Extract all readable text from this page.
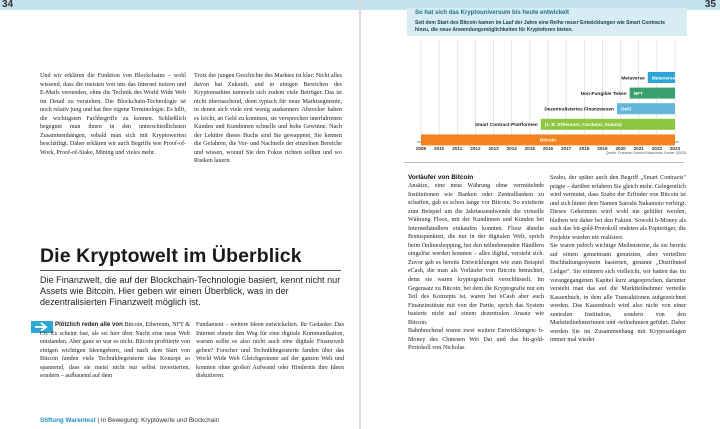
34
Und wir erklären die Funktion von Blockchains – wohl wissend, dass die meisten von uns das Internet nutzen und E-Mails versenden, ohne die Technik des World Wide Web im Detail zu verstehen. Die Blockchain-Technologie ist noch relativ jung und hat ihre eigene Terminologie. Es hilft, die wichtigsten Fachbegriffe zu kennen. Schließlich begegnet man ihnen in den unterschiedlichsten Zusammenhängen, sobald man sich mit Kryptowerten beschäftigt. Daher erklären wir auch Begriffe wie Proof-of-Work, Proof-of-Stake, Mining und vieles mehr.
Trotz der jungen Geschichte des Marktes ist klar: Nicht alles davon hat Zukunft, und in einigen Bereichen des Kryptomarktes tummeln sich zudem viele Betrüger. Das ist nicht überraschend, denn typisch für neue Marktsegmente, in denen sich viele erst wenig auskennen: Abzocker haben es leicht, an Geld zu kommen, sie versprechen unerfahrenen Kunden und Kundinnen schnelle und hohe Gewinne. Nach der Lektüre dieses Buchs sind Sie gewappnet, Sie kennen die Gefahren, die Vor- und Nachteile der einzelnen Bereiche und wissen, worauf Sie den Fokus richten sollten und wo Risiken lauern.
Die Kryptowelt im Überblick
Die Finanzwelt, die auf der Blockchain-Technologie basiert, kennt nicht nur Assets wie Bitcoin. Hier geben wir einen Überblick, was in der dezentralisierten Finanzwelt möglich ist.
Plötzlich reden alle von Bitcoin, Ethereum, NFT & Co. Es scheint fast, als sei hier über Nacht eine neue Welt entstanden. Aber ganz so war es nicht. Bitcoin profitierte von einigen wichtigen Ideengebern, und nach dem Start von Bitcoin fanden viele Technikbegeisterte das Konzept so spannend, dass sie meist nicht nur selbst investierten, sondern – aufbauend auf dem
Fundament – weitere Ideen entwickelten. Ihr Gedanke: Das Internet ebnete den Weg für eine digitale Kommunikation, warum sollte es also nicht auch eine digitale Finanzwelt geben? Forscher und Technikbegeisterte fanden über das World Wide Web Gleichgesinnte auf der ganzen Welt und konnten ohne großen Aufwand oder Hindernis ihre Ideen diskutieren.
Stiftung Warentest | In Bewegung: Kryptowerte und Blockchain
35
So hat sich das Kryptouniversum bis heute entwickelt
Seit dem Start des Bitcoin kamen im Lauf der Jahre eine Reihe neuer Entwicklungen wie Smart Contracts hinzu, die neue Anwendungsmöglichkeiten für Kryptoforen bieten.
2009 2010 2011 2012 2013 2014 2015 2016 2017 2018 2019 2020 2021 2022 2023
Metaverse
Metaverse
NFT
Non-Fungible Token
DeFi
Dezentralisiertes Finanzwesen
(z. B. Ethereum, Cardano, Solana)
Smart Contract-Plattformen
Bitcoin
Quelle: Frankfurt School Blockchain Center (2023)
Vorläufer von Bitcoin
Ansätze, eine neue Währung ohne vermittelnde Institutionen wie Banken oder Zentralbanken zu schaffen, gab es schon lange vor Bitcoin. So existierte zum Beispiel um die Jahrtausendwende die virtuelle Währung Flooz, mit der Kundinnen und Kunden bei Internethändlern einkaufen konnten. Flooz ähnelte Bonuspunkten, die nur in der digitalen Welt, sprich beim Onlineshopping, bei den teilnehmenden Händlern eingelöst werden konnten – alles digital, versteht sich. Zuvor gab es bereits Entwicklungen wie zum Beispiel eCash, die man als Vorläufer von Bitcoin betrachtet, denn sie waren kryptografisch verschlüsselt. Im Gegensatz zu Bitcoin, bei dem die Kryptografie nur ein Teil des Konzepts ist, waren bei eCash aber auch Finanzinstitute mit von der Partie, sprich das System basierte nicht auf einem dezentralen Ansatz wie Bitcoin.
Bahnbrechend waren zwei weitere Entwicklungen: b-Money des Chinesen Wei Dai und das bit-gold-Protokoll von Nicholas
Szabo, der später auch den Begriff „Smart Contracts" prägte – darüber erfahren Sie gleich mehr. Gelegentlich wird vermutet, dass Szabo der Erfinder von Bitcoin ist und sich hinter dem Namen Satoshi Nakamoto verbirgt. Dieses Geheimnis wird wohl nie gelüftet werden, bleiben wir daher bei den Fakten. Sowohl b-Money als auch das bit-gold-Protokoll endeten als Papiertiger, die Projekte wurden nie realisiert.
Sie waren jedoch wichtige Meilensteine, da sie bereits auf einem gemeinsam genutzten, aber verteilten Buchhaltungssystem basierten, genannt „Distributed Ledger". Sie erinnern sich vielleicht, wir hatten das im vorangegangenen Kapitel kurz angesprochen, darunter versteht man das auf die Marktteilnehmer verteilte Kassenbuch, in dem alle Transaktionen aufgezeichnet werden. Das Kassenbuch wird also nicht von einer zentralen Institution, sondern von den Marktteilnehmerinnen und -teilnehmern geführt. Daher werden Sie im Zusammenhang mit Kryptoanlagen immer mal wieder
